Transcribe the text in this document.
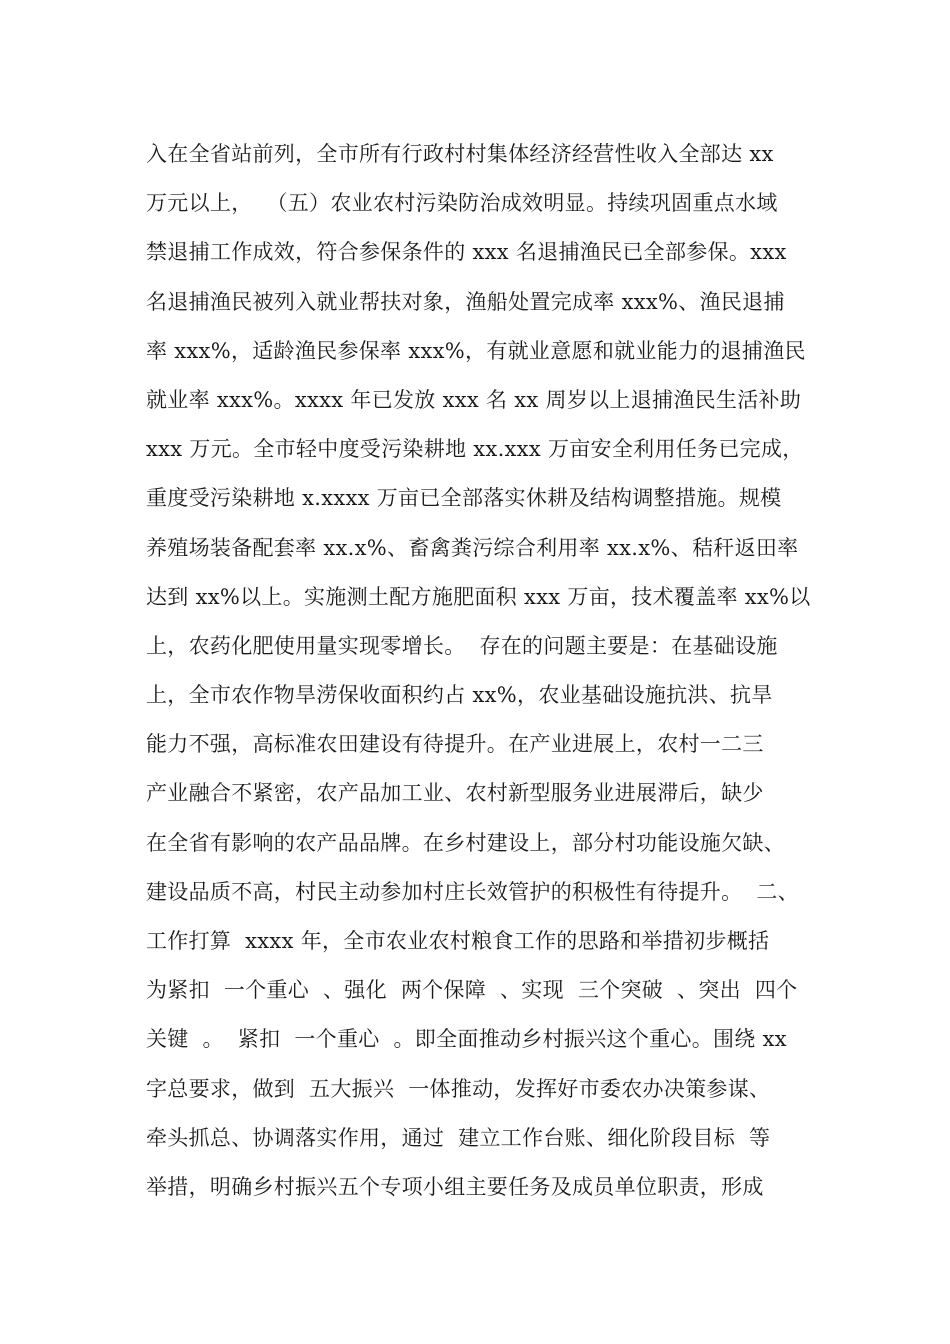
入在全省站前列，全市所有行政村村集体经济经营性收入全部达 xx
万元以上，  （五）农业农村污染防治成效明显。持续巩固重点水域
禁退捕工作成效，符合参保条件的 xxx 名退捕渔民已全部参保。xxx
名退捕渔民被列入就业帮扶对象，渔船处置完成率 xxx%、渔民退捕
率 xxx%，适龄渔民参保率 xxx%，有就业意愿和就业能力的退捕渔民
就业率 xxx%。xxxx 年已发放 xxx 名 xx 周岁以上退捕渔民生活补助
xxx 万元。全市轻中度受污染耕地 xx.xxx 万亩安全利用任务已完成，
重度受污染耕地 x.xxxx 万亩已全部落实休耕及结构调整措施。规模
养殖场装备配套率 xx.x%、畜禽粪污综合利用率 xx.x%、秸秆返田率
达到 xx%以上。实施测土配方施肥面积 xxx 万亩，技术覆盖率 xx%以
上，农药化肥使用量实现零增长。  存在的问题主要是：在基础设施
上，全市农作物旱涝保收面积约占 xx%，农业基础设施抗洪、抗旱
能力不强，高标准农田建设有待提升。在产业进展上，农村一二三
产业融合不紧密，农产品加工业、农村新型服务业进展滞后，缺少
在全省有影响的农产品品牌。在乡村建设上，部分村功能设施欠缺、
建设品质不高，村民主动参加村庄长效管护的积极性有待提升。  二、
工作打算  xxxx 年，全市农业农村粮食工作的思路和举措初步概括
为紧扣  一个重心  、强化  两个保障  、实现  三个突破  、突出  四个
关键  。  紧扣  一个重心  。即全面推动乡村振兴这个重心。围绕 xx
字总要求，做到  五大振兴  一体推动，发挥好市委农办决策参谋、
牵头抓总、协调落实作用，通过  建立工作台账、细化阶段目标  等
举措，明确乡村振兴五个专项小组主要任务及成员单位职责，形成
